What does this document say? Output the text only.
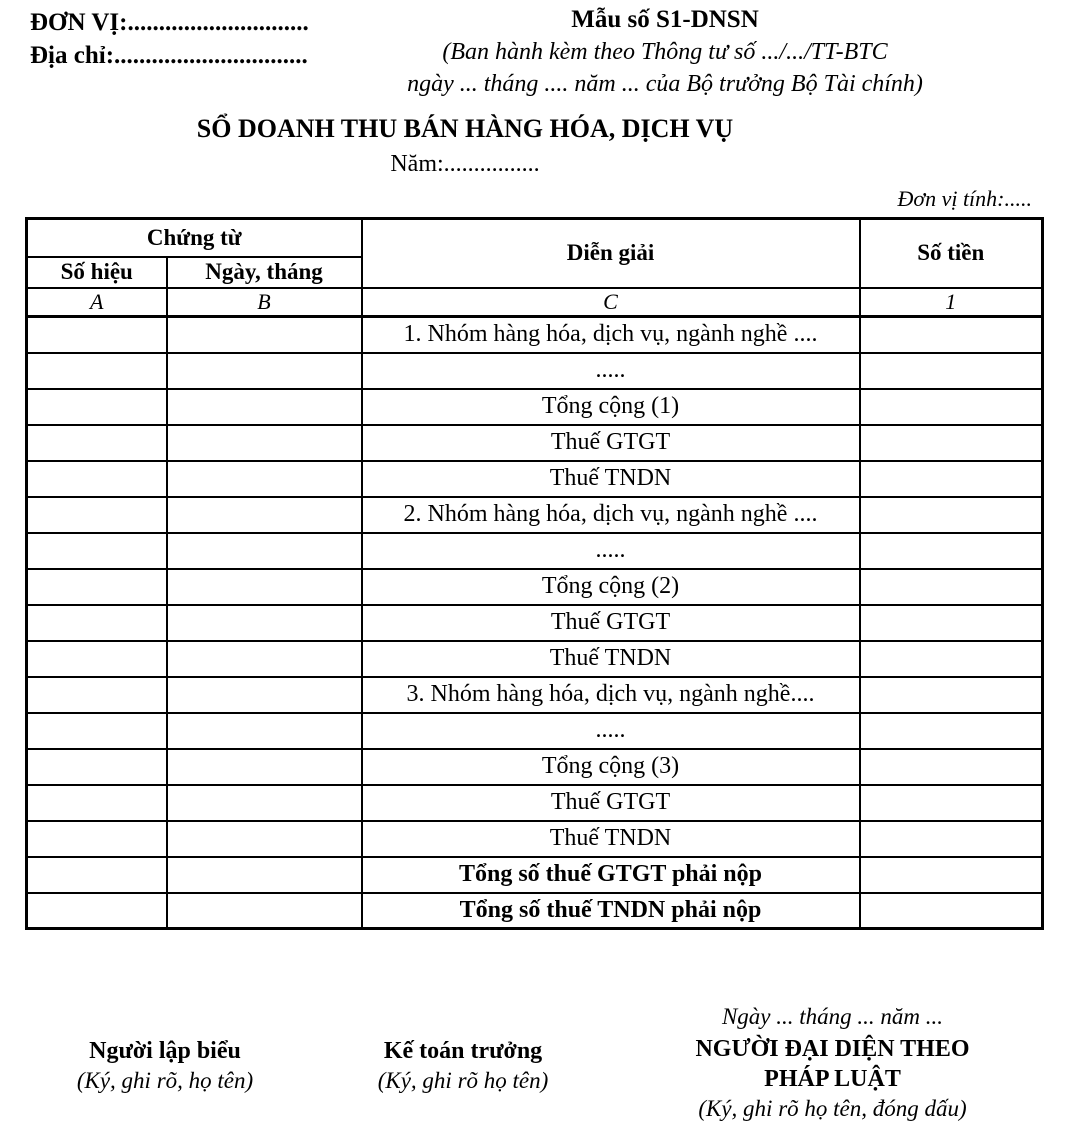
ĐƠN VỊ:.............................
Địa chỉ:...............................
Mẫu số S1-DNSN
(Ban hành kèm theo Thông tư số .../.../TT-BTC
ngày ... tháng .... năm ... của Bộ trưởng Bộ Tài chính)
SỔ DOANH THU BÁN HÀNG HÓA, DỊCH VỤ
Năm:................
Đơn vị tính:.....
Chứng từ		Diễn giải	Số tiền
Số hiệu	Ngày, tháng		
A	B	C	1
		1. Nhóm hàng hóa, dịch vụ, ngành nghề ....	
		.....	
		Tổng cộng (1)	
		Thuế GTGT	
		Thuế TNDN	
		2. Nhóm hàng hóa, dịch vụ, ngành nghề ....	
		.....	
		Tổng cộng (2)	
		Thuế GTGT	
		Thuế TNDN	
		3. Nhóm hàng hóa, dịch vụ, ngành nghề....	
		.....	
		Tổng cộng (3)	
		Thuế GTGT	
		Thuế TNDN	
		Tổng số thuế GTGT phải nộp	
		Tổng số thuế TNDN phải nộp	
Người lập biểu
(Ký, ghi rõ, họ tên)
Kế toán trưởng
(Ký, ghi rõ họ tên)
Ngày ... tháng ... năm ...
NGƯỜI ĐẠI DIỆN THEO
PHÁP LUẬT
(Ký, ghi rõ họ tên, đóng dấu)
